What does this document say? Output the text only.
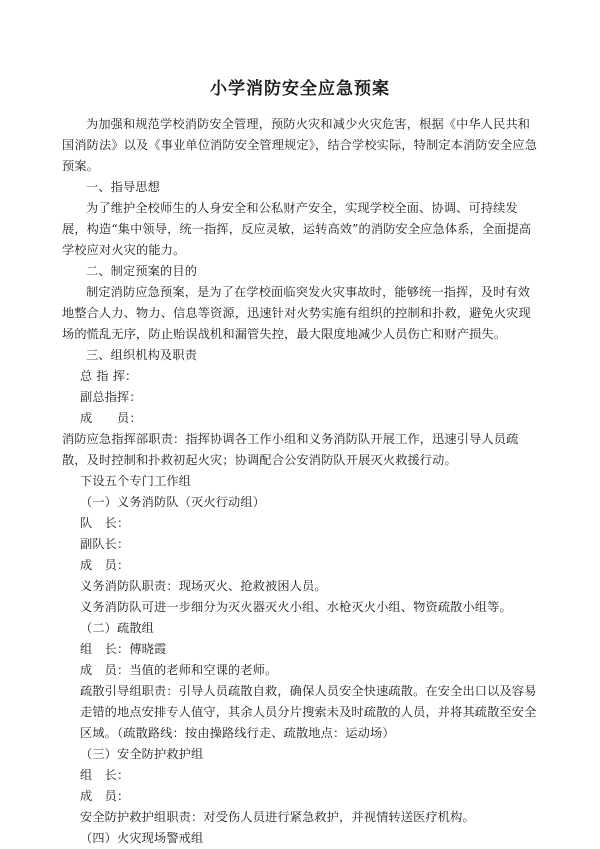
小学消防安全应急预案

为加强和规范学校消防安全管理，预防火灾和减少火灾危害，根据《中华人民共和国消防法》以及《事业单位消防安全管理规定》，结合学校实际，特制定本消防安全应急预案。

一、指导思想

为了维护全校师生的人身安全和公私财产安全，实现学校全面、协调、可持续发展，构造“集中领导，统一指挥，反应灵敏，运转高效”的消防安全应急体系，全面提高学校应对火灾的能力。

二、制定预案的目的

制定消防应急预案，是为了在学校面临突发火灾事故时，能够统一指挥，及时有效地整合人力、物力、信息等资源，迅速针对火势实施有组织的控制和扑救，避免火灾现场的慌乱无序，防止贻误战机和漏管失控，最大限度地减少人员伤亡和财产损失。

三、组织机构及职责

总 指 挥：

副总指挥：

成　　员：

消防应急指挥部职责：指挥协调各工作小组和义务消防队开展工作，迅速引导人员疏散，及时控制和扑救初起火灾；协调配合公安消防队开展灭火救援行动。

下设五个专门工作组

（一）义务消防队（灭火行动组）

队　长：

副队长：

成　员：

义务消防队职责：现场灭火、抢救被困人员。

义务消防队可进一步细分为灭火器灭火小组、水枪灭火小组、物资疏散小组等。

（二）疏散组

组　长：傅晓霞

成　员：当值的老师和空课的老师。

疏散引导组职责：引导人员疏散自救，确保人员安全快速疏散。在安全出口以及容易走错的地点安排专人值守，其余人员分片搜索未及时疏散的人员，并将其疏散至安全区域。（疏散路线：按由操路线行走、疏散地点：运动场）

（三）安全防护救护组

组　长：

成　员：

安全防护救护组职责：对受伤人员进行紧急救护，并视情转送医疗机构。

（四）火灾现场警戒组
